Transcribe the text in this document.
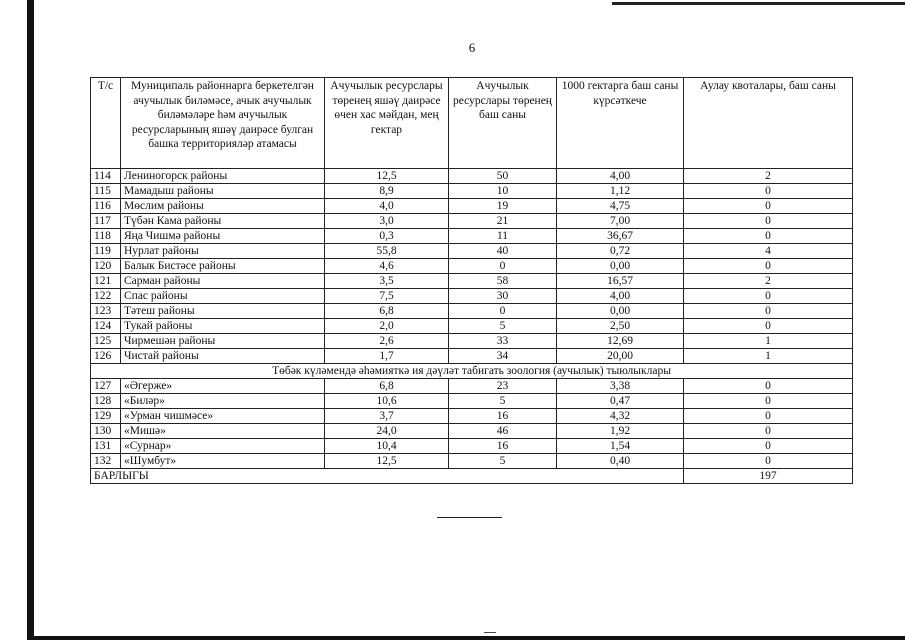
6
Т/с	Муниципаль районнарга беркетелгән ачучылык биләмәсе, ачык ачучылык биләмәләре һәм ачучылык ресурсларының яшәү даирәсе булган башка территорияләр атамасы	Ачучылык ресурслары төренең яшәү даирәсе өчен хас мәйдан, мең гектар	Ачучылык ресурслары төренең баш саны	1000 гектарга баш саны күрсәткече	Аулау квоталары, баш саны
114	Лениногорск районы	12,5	50	4,00	2
115	Мамадыш районы	8,9	10	1,12	0
116	Мөслим районы	4,0	19	4,75	0
117	Түбән Кама районы	3,0	21	7,00	0
118	Яңа Чишмә районы	0,3	11	36,67	0
119	Нурлат районы	55,8	40	0,72	4
120	Балык Бистәсе районы	4,6	0	0,00	0
121	Сарман районы	3,5	58	16,57	2
122	Спас районы	7,5	30	4,00	0
123	Тәтеш районы	6,8	0	0,00	0
124	Тукай районы	2,0	5	2,50	0
125	Чирмешән районы	2,6	33	12,69	1
126	Чистай районы	1,7	34	20,00	1
Төбәк күләмендә әһәмияткә ия дәүләт табигать зоология (аучылык) тыюлыклары					
127	«Әгерже»	6,8	23	3,38	0
128	«Биләр»	10,6	5	0,47	0
129	«Урман чишмәсе»	3,7	16	4,32	0
130	«Мишә»	24,0	46	1,92	0
131	«Сурнар»	10,4	16	1,54	0
132	«Шумбут»	12,5	5	0,40	0
БАРЛЫГЫ					197
